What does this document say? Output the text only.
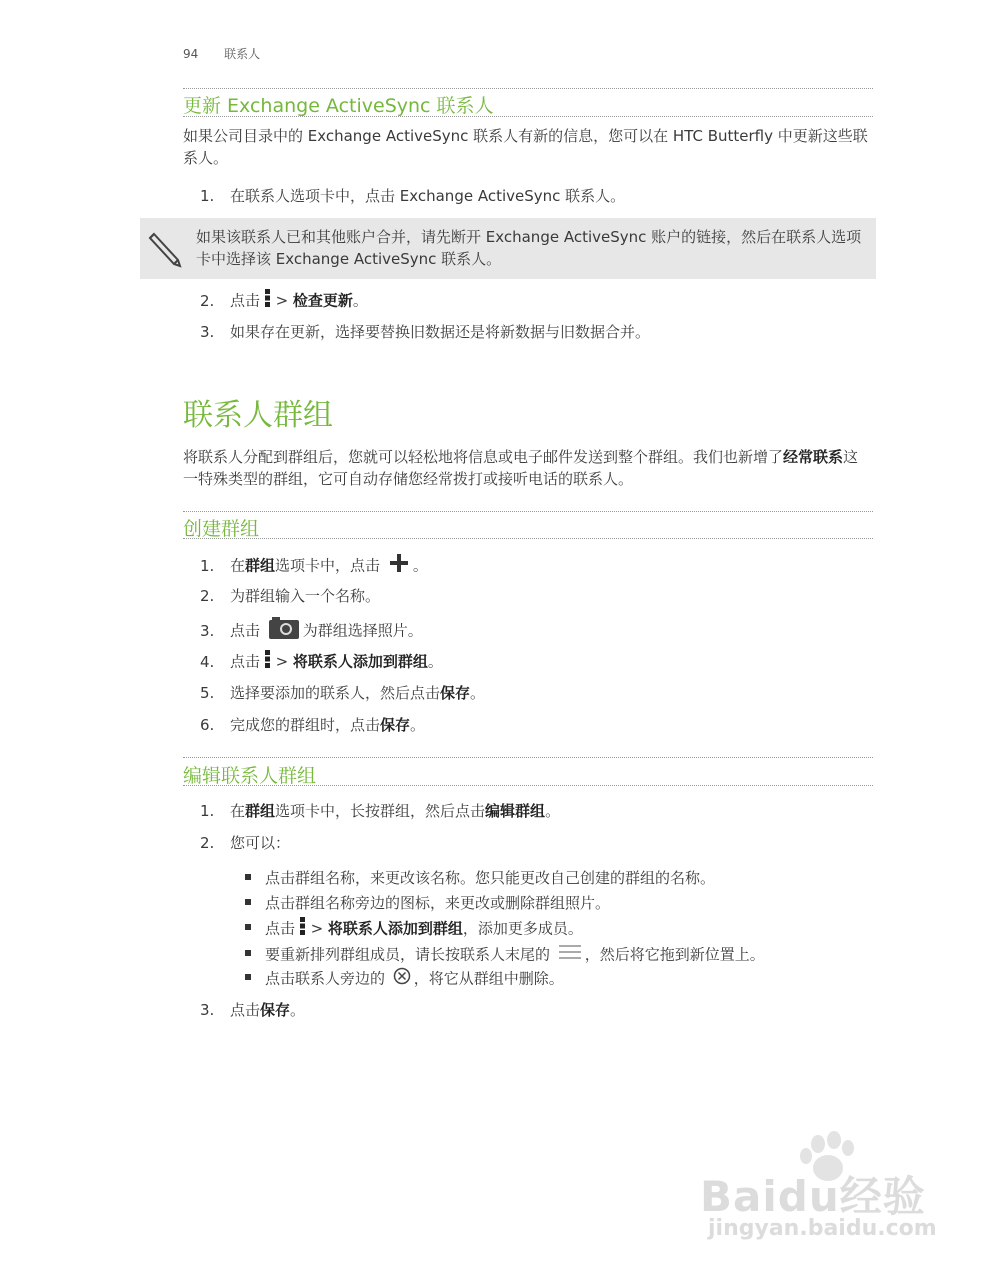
94 联系人
更新 Exchange ActiveSync 联系人
如果公司目录中的 Exchange ActiveSync 联系人有新的信息，您可以在 HTC Butterfly 中更新这些联系人。
1. 在联系人选项卡中，点击 Exchange ActiveSync 联系人。
如果该联系人已和其他账户合并，请先断开 Exchange ActiveSync 账户的链接，然后在联系人选项卡中选择该 Exchange ActiveSync 联系人。
2. 点击  > 检查更新。
3. 如果存在更新，选择要替换旧数据还是将新数据与旧数据合并。
联系人群组
将联系人分配到群组后，您就可以轻松地将信息或电子邮件发送到整个群组。我们也新增了经常联系这一特殊类型的群组，它可自动存储您经常拨打或接听电话的联系人。
创建群组
1. 在群组选项卡中，点击 。
2. 为群组输入一个名称。
3. 点击	为群组选择照片。
4. 点击  > 将联系人添加到群组。
5. 选择要添加的联系人，然后点击保存。
6. 完成您的群组时，点击保存。
编辑联系人群组
1. 在群组选项卡中，长按群组，然后点击编辑群组。
2. 您可以：
点击群组名称，来更改该名称。您只能更改自己创建的群组的名称。
点击群组名称旁边的图标，来更改或删除群组照片。
点击  > 将联系人添加到群组，添加更多成员。
要重新排列群组成员，请长按联系人末尾的 ，然后将它拖到新位置上。
点击联系人旁边的 ，将它从群组中删除。
3. 点击保存。
Baidu经验
jingyan.baidu.com
